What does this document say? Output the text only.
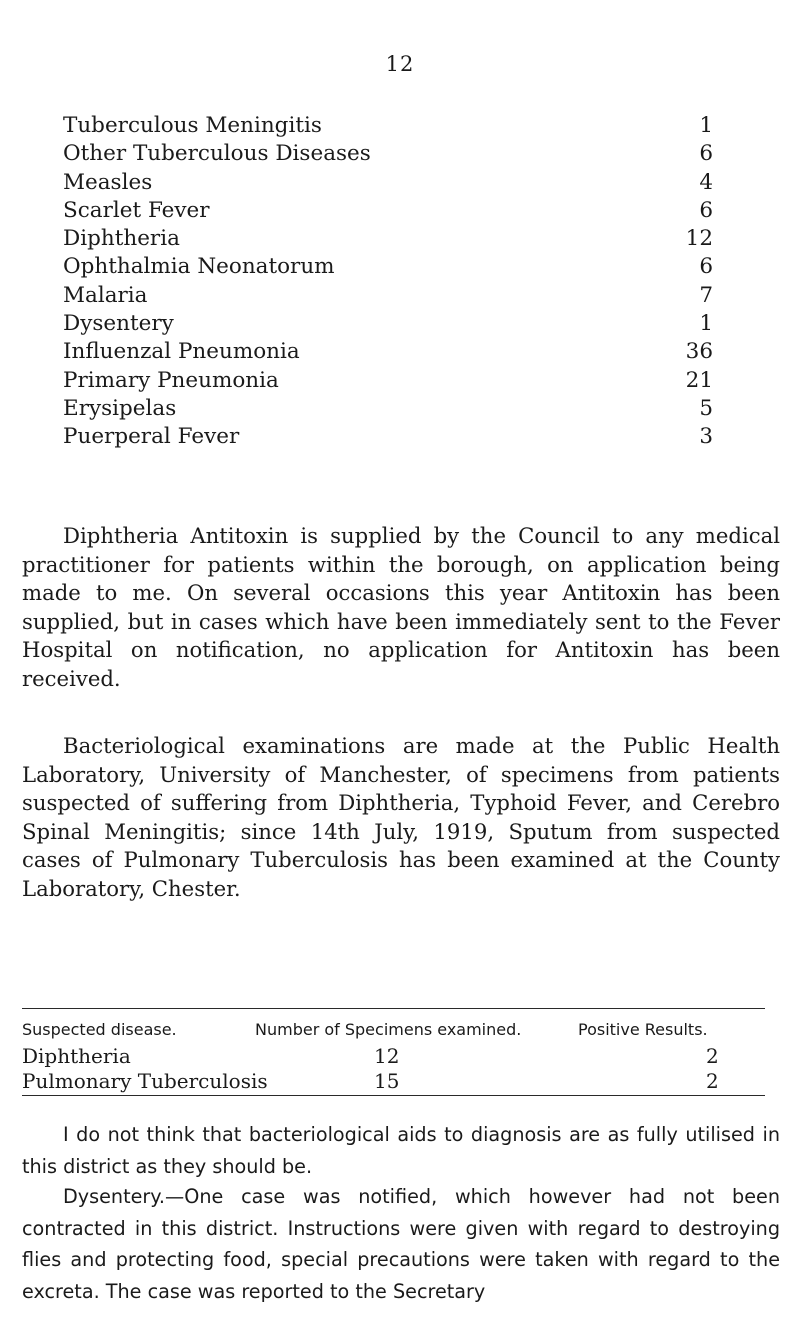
12
Tuberculous Meningitis	1
Other Tuberculous Diseases	6
Measles	4
Scarlet Fever	6
Diphtheria	12
Ophthalmia Neonatorum	6
Malaria	7
Dysentery	1
Influenzal Pneumonia	36
Primary Pneumonia	21
Erysipelas	5
Puerperal Fever	3

Diphtheria Antitoxin is supplied by the Council to any medical practitioner for patients within the borough, on application being made to me. On several occasions this year Antitoxin has been supplied, but in cases which have been immediately sent to the Fever Hospital on notification, no application for Antitoxin has been received.

Bacteriological examinations are made at the Public Health Laboratory, University of Manchester, of specimens from patients suspected of suffering from Diphtheria, Typhoid Fever, and Cerebro Spinal Meningitis; since 14th July, 1919, Sputum from suspected cases of Pulmonary Tuberculosis has been examined at the County Laboratory, Chester.

Suspected disease.	Number of Specimens examined.	Positive Results.
Diphtheria	12	2
Pulmonary Tuberculosis	15	2

I do not think that bacteriological aids to diagnosis are as fully utilised in this district as they should be.

Dysentery.—One case was notified, which however had not been contracted in this district. Instructions were given with regard to destroying flies and protecting food, special precautions were taken with regard to the excreta. The case was reported to the Secretary
